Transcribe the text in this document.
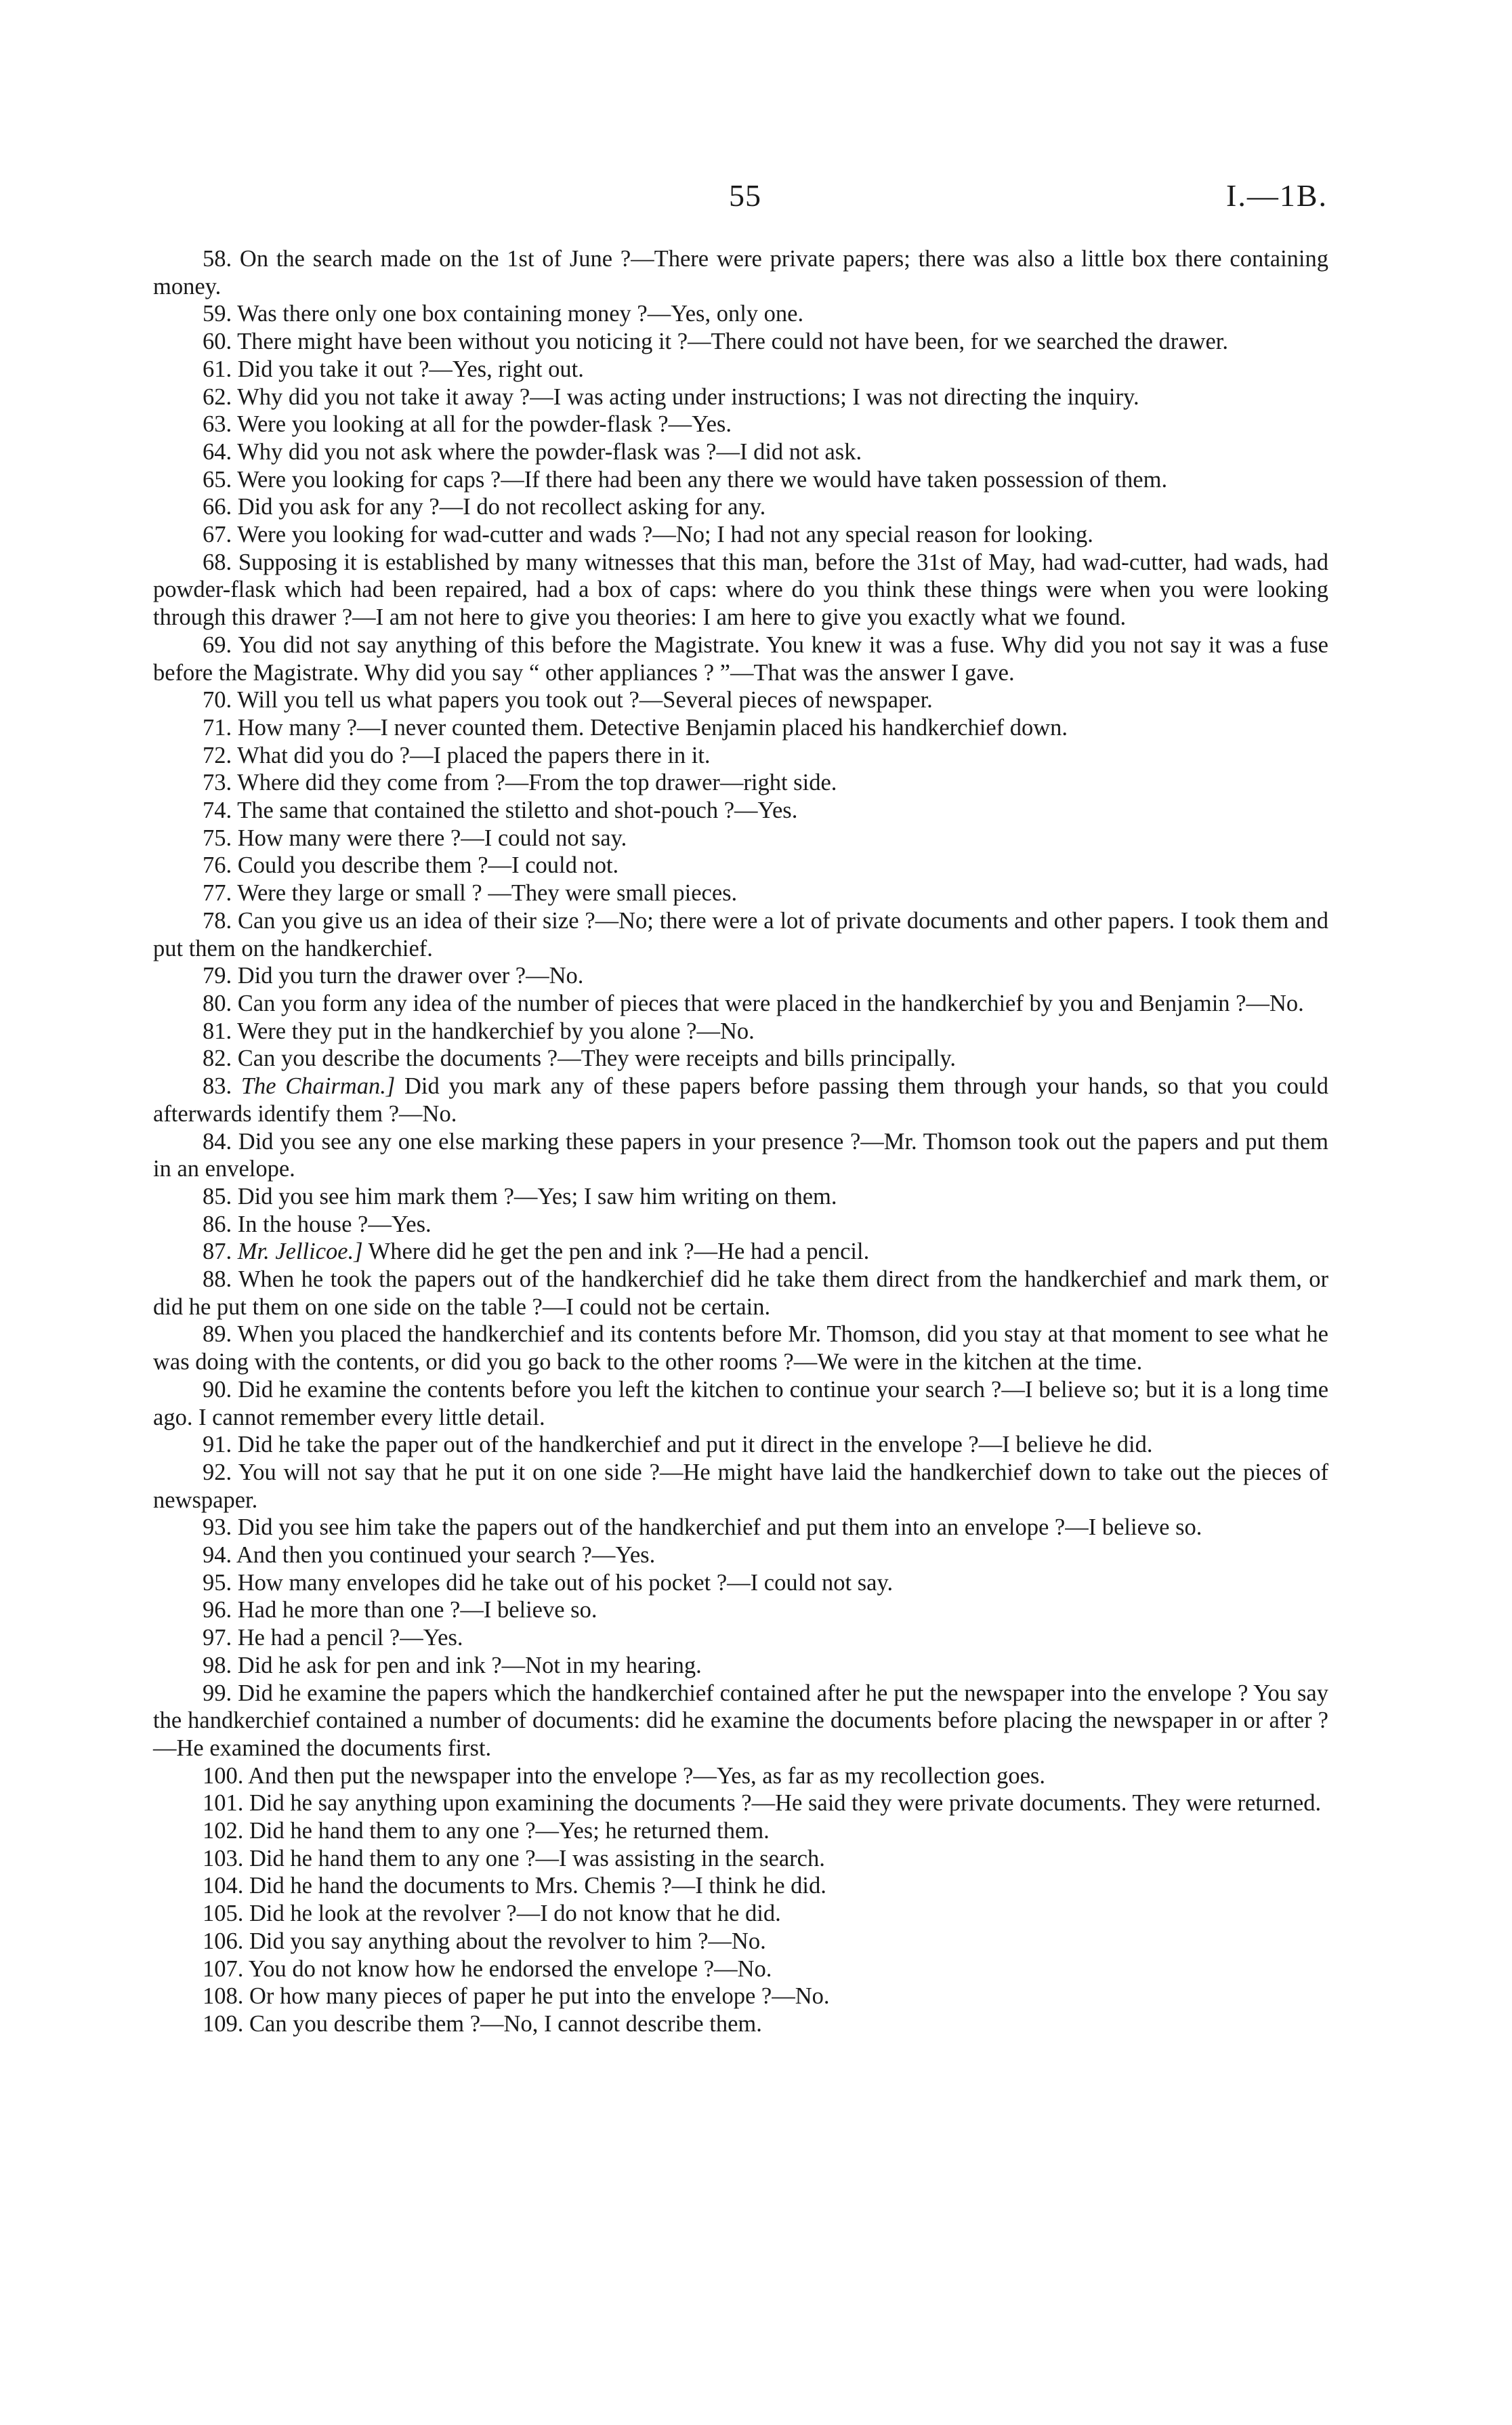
55	I.—1B.

58. On the search made on the 1st of June ?—There were private papers; there was also a little box there containing money.

59. Was there only one box containing money ?—Yes, only one.

60. There might have been without you noticing it ?—There could not have been, for we searched the drawer.

61. Did you take it out ?—Yes, right out.

62. Why did you not take it away ?—I was acting under instructions; I was not directing the inquiry.

63. Were you looking at all for the powder-flask ?—Yes.

64. Why did you not ask where the powder-flask was ?—I did not ask.

65. Were you looking for caps ?—If there had been any there we would have taken possession of them.

66. Did you ask for any ?—I do not recollect asking for any.

67. Were you looking for wad-cutter and wads ?—No; I had not any special reason for looking.

68. Supposing it is established by many witnesses that this man, before the 31st of May, had wad-cutter, had wads, had powder-flask which had been repaired, had a box of caps: where do you think these things were when you were looking through this drawer ?—I am not here to give you theories: I am here to give you exactly what we found.

69. You did not say anything of this before the Magistrate. You knew it was a fuse. Why did you not say it was a fuse before the Magistrate. Why did you say “ other appliances ? ”—That was the answer I gave.

70. Will you tell us what papers you took out ?—Several pieces of newspaper.

71. How many ?—I never counted them. Detective Benjamin placed his handkerchief down.

72. What did you do ?—I placed the papers there in it.

73. Where did they come from ?—From the top drawer—right side.

74. The same that contained the stiletto and shot-pouch ?—Yes.

75. How many were there ?—I could not say.

76. Could you describe them ?—I could not.

77. Were they large or small ? —They were small pieces.

78. Can you give us an idea of their size ?—No; there were a lot of private documents and other papers. I took them and put them on the handkerchief.

79. Did you turn the drawer over ?—No.

80. Can you form any idea of the number of pieces that were placed in the handkerchief by you and Benjamin ?—No.

81. Were they put in the handkerchief by you alone ?—No.

82. Can you describe the documents ?—They were receipts and bills principally.

83. The Chairman.] Did you mark any of these papers before passing them through your hands, so that you could afterwards identify them ?—No.

84. Did you see any one else marking these papers in your presence ?—Mr. Thomson took out the papers and put them in an envelope.

85. Did you see him mark them ?—Yes; I saw him writing on them.

86. In the house ?—Yes.

87. Mr. Jellicoe.] Where did he get the pen and ink ?—He had a pencil.

88. When he took the papers out of the handkerchief did he take them direct from the handkerchief and mark them, or did he put them on one side on the table ?—I could not be certain.

89. When you placed the handkerchief and its contents before Mr. Thomson, did you stay at that moment to see what he was doing with the contents, or did you go back to the other rooms ?—We were in the kitchen at the time.

90. Did he examine the contents before you left the kitchen to continue your search ?—I believe so; but it is a long time ago. I cannot remember every little detail.

91. Did he take the paper out of the handkerchief and put it direct in the envelope ?—I believe he did.

92. You will not say that he put it on one side ?—He might have laid the handkerchief down to take out the pieces of newspaper.

93. Did you see him take the papers out of the handkerchief and put them into an envelope ?—I believe so.

94. And then you continued your search ?—Yes.

95. How many envelopes did he take out of his pocket ?—I could not say.

96. Had he more than one ?—I believe so.

97. He had a pencil ?—Yes.

98. Did he ask for pen and ink ?—Not in my hearing.

99. Did he examine the papers which the handkerchief contained after he put the newspaper into the envelope ? You say the handkerchief contained a number of documents: did he examine the documents before placing the newspaper in or after ?—He examined the documents first.

100. And then put the newspaper into the envelope ?—Yes, as far as my recollection goes.

101. Did he say anything upon examining the documents ?—He said they were private documents. They were returned.

102. Did he hand them to any one ?—Yes; he returned them.

103. Did he hand them to any one ?—I was assisting in the search.

104. Did he hand the documents to Mrs. Chemis ?—I think he did.

105. Did he look at the revolver ?—I do not know that he did.

106. Did you say anything about the revolver to him ?—No.

107. You do not know how he endorsed the envelope ?—No.

108. Or how many pieces of paper he put into the envelope ?—No.

109. Can you describe them ?—No, I cannot describe them.
